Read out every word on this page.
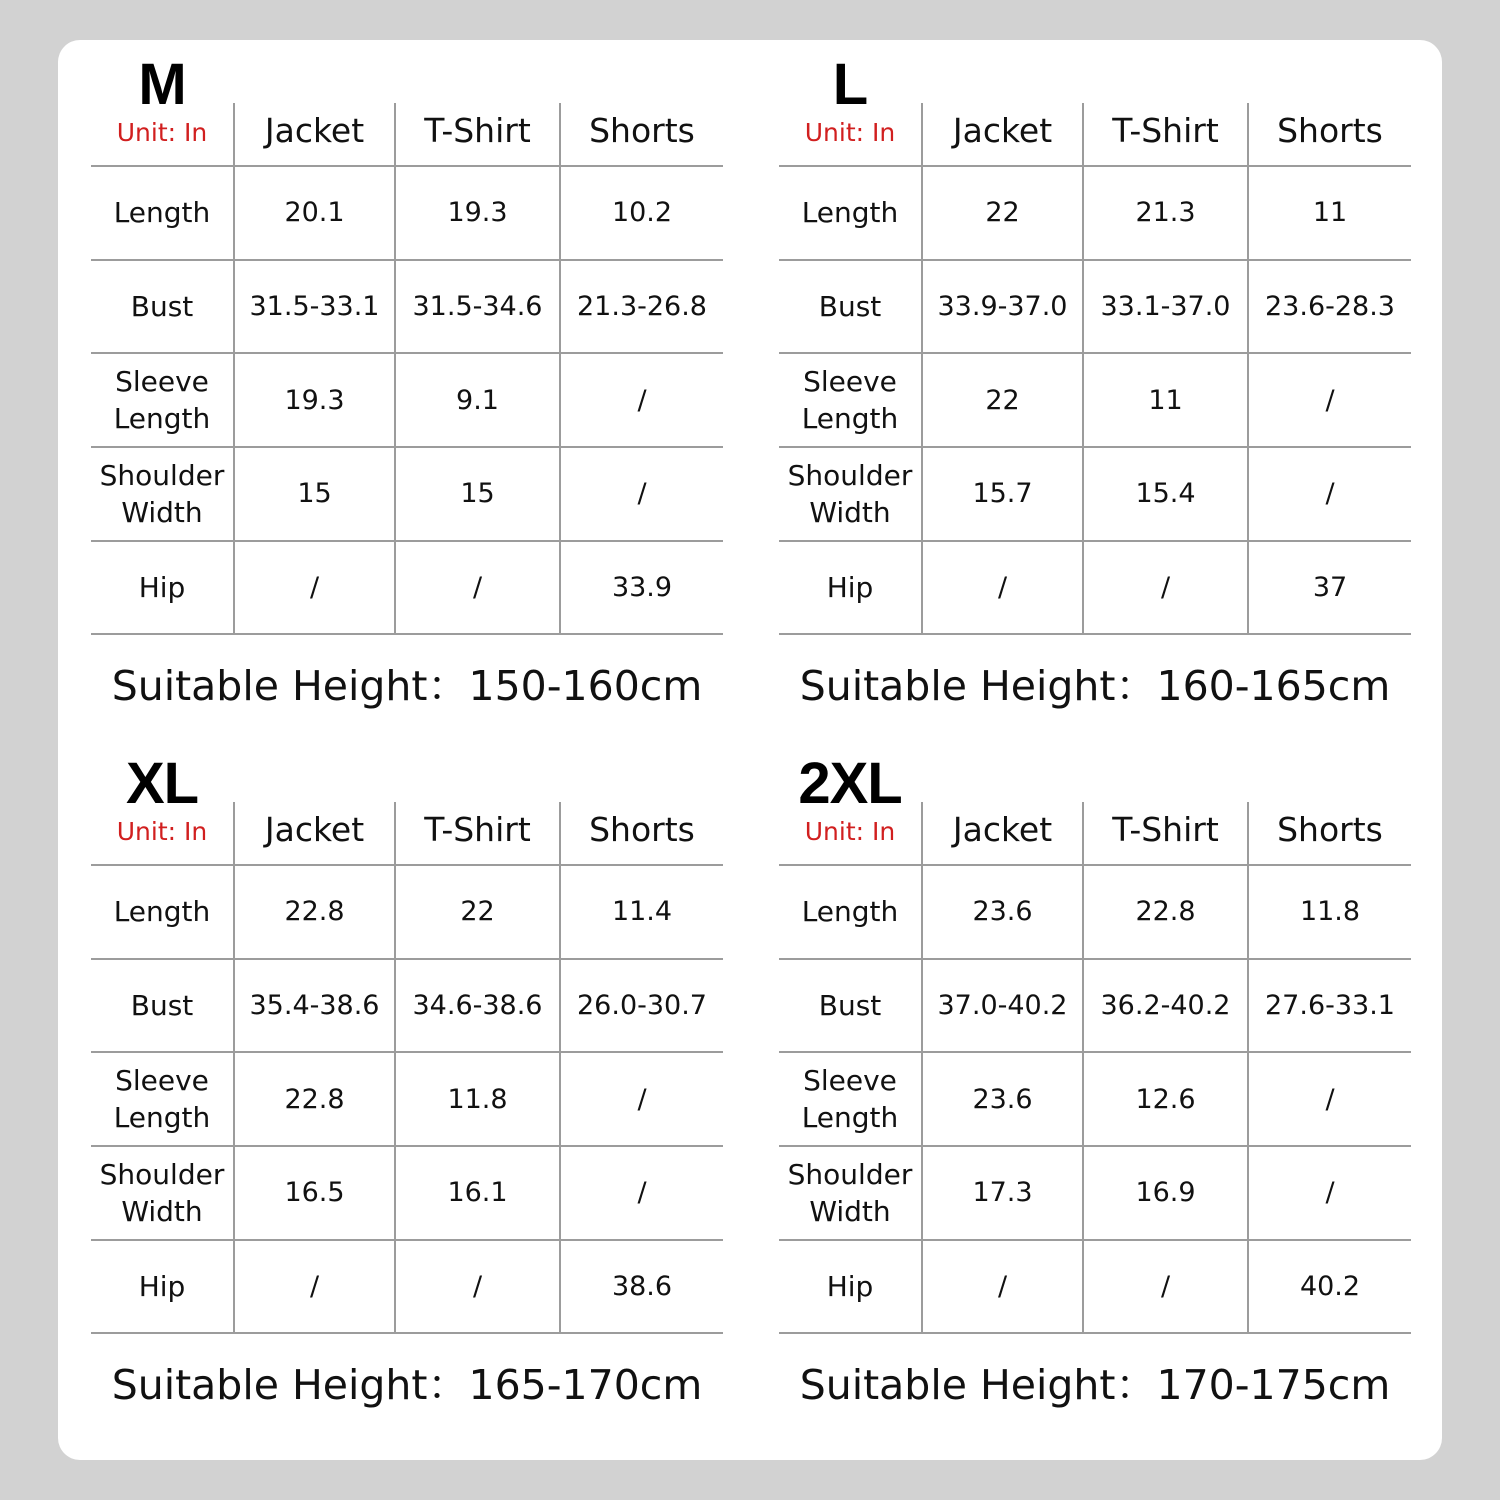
M
	Jacket	T-Shirt	Shorts
Length	20.1	19.3	10.2
Bust	31.5-33.1	31.5-34.6	21.3-26.8
Sleeve
Length	19.3	9.1	/
Shoulder
Width	15	15	/
Hip	/	/	33.9
Unit: In
Suitable Height：150-160cm
L
	Jacket	T-Shirt	Shorts
Length	22	21.3	11
Bust	33.9-37.0	33.1-37.0	23.6-28.3
Sleeve
Length	22	11	/
Shoulder
Width	15.7	15.4	/
Hip	/	/	37
Unit: In
Suitable Height：160-165cm
XL
	Jacket	T-Shirt	Shorts
Length	22.8	22	11.4
Bust	35.4-38.6	34.6-38.6	26.0-30.7
Sleeve
Length	22.8	11.8	/
Shoulder
Width	16.5	16.1	/
Hip	/	/	38.6
Unit: In
Suitable Height：165-170cm
2XL
	Jacket	T-Shirt	Shorts
Length	23.6	22.8	11.8
Bust	37.0-40.2	36.2-40.2	27.6-33.1
Sleeve
Length	23.6	12.6	/
Shoulder
Width	17.3	16.9	/
Hip	/	/	40.2
Unit: In
Suitable Height：170-175cm
